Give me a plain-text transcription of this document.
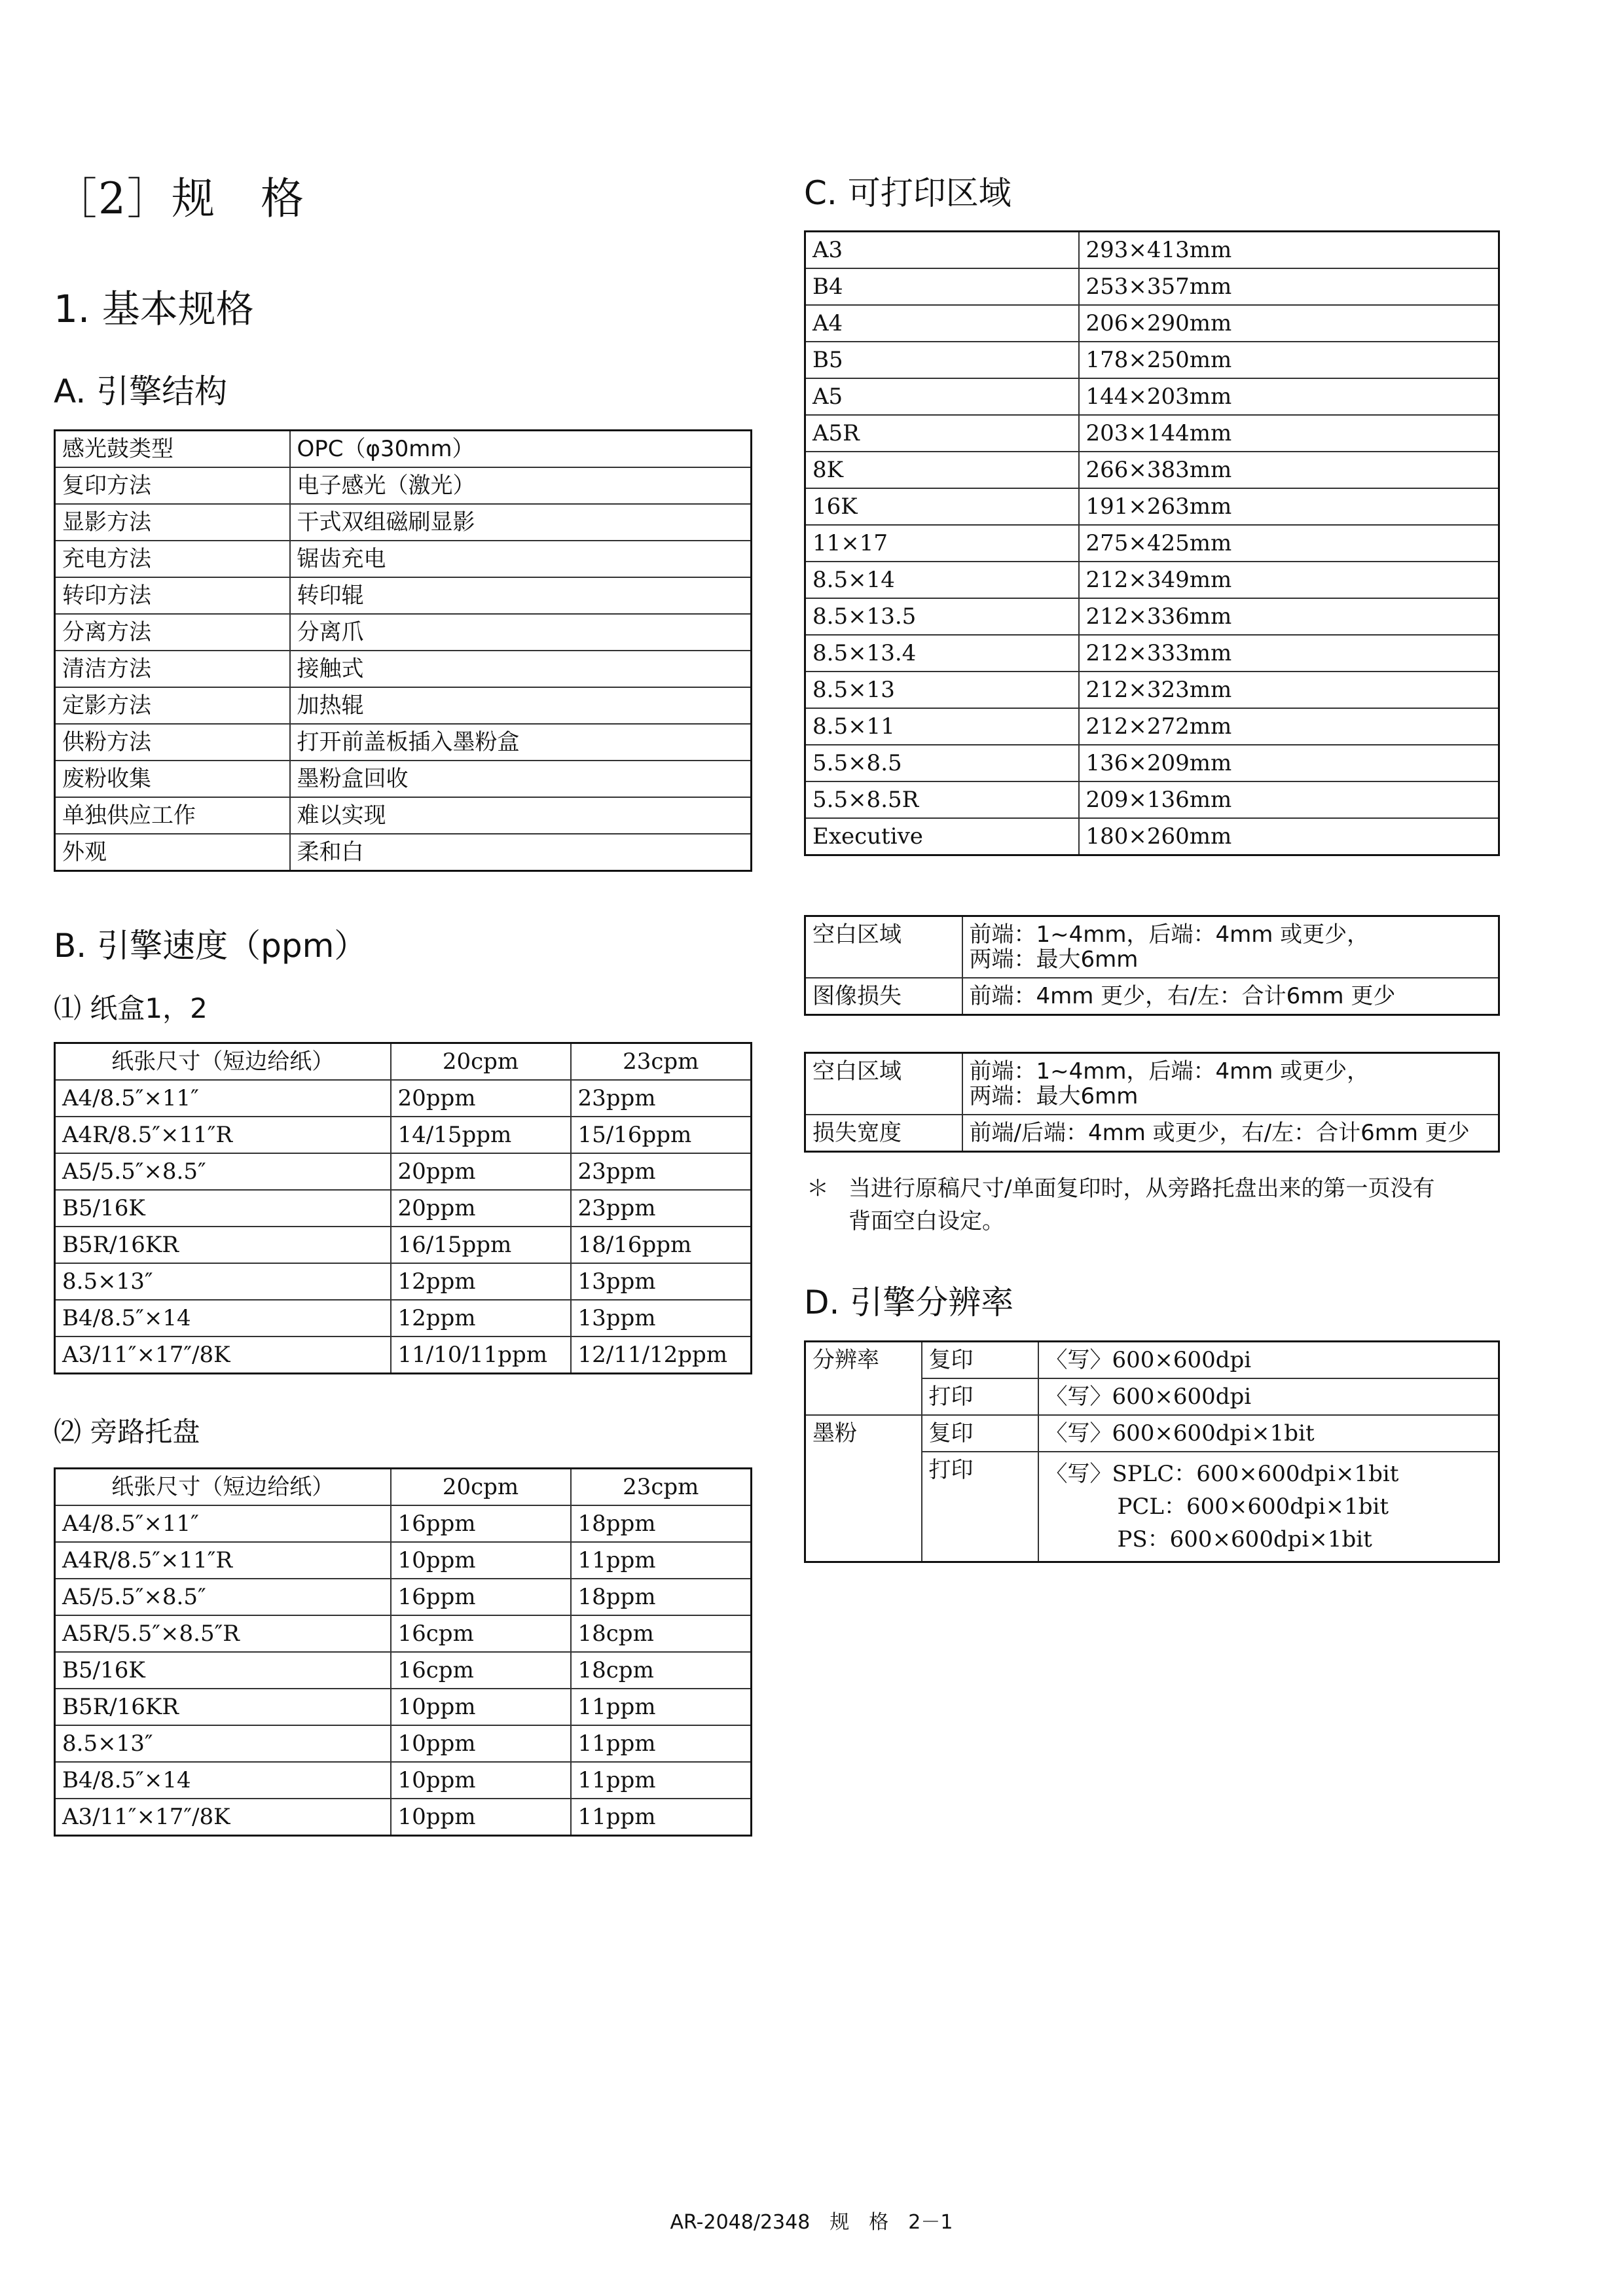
［2］规　格
1. 基本规格
A. 引擎结构
感光鼓类型	OPC（φ30mm）
复印方法	电子感光（激光）
显影方法	干式双组磁刷显影
充电方法	锯齿充电
转印方法	转印辊
分离方法	分离爪
清洁方法	接触式
定影方法	加热辊
供粉方法	打开前盖板插入墨粉盒
废粉收集	墨粉盒回收
单独供应工作	难以实现
外观	柔和白
B. 引擎速度（ppm）
⑴ 纸盒1，2
纸张尺寸（短边给纸）	20cpm	23cpm
A4/8.5″×11″	20ppm	23ppm
A4R/8.5″×11″R	14/15ppm	15/16ppm
A5/5.5″×8.5″	20ppm	23ppm
B5/16K	20ppm	23ppm
B5R/16KR	16/15ppm	18/16ppm
8.5×13″	12ppm	13ppm
B4/8.5″×14	12ppm	13ppm
A3/11″×17″/8K	11/10/11ppm	12/11/12ppm
⑵ 旁路托盘
纸张尺寸（短边给纸）	20cpm	23cpm
A4/8.5″×11″	16ppm	18ppm
A4R/8.5″×11″R	10ppm	11ppm
A5/5.5″×8.5″	16ppm	18ppm
A5R/5.5″×8.5″R	16cpm	18cpm
B5/16K	16cpm	18cpm
B5R/16KR	10ppm	11ppm
8.5×13″	10ppm	11ppm
B4/8.5″×14	10ppm	11ppm
A3/11″×17″/8K	10ppm	11ppm
C. 可打印区域
A3	293×413mm
B4	253×357mm
A4	206×290mm
B5	178×250mm
A5	144×203mm
A5R	203×144mm
8K	266×383mm
16K	191×263mm
11×17	275×425mm
8.5×14	212×349mm
8.5×13.5	212×336mm
8.5×13.4	212×333mm
8.5×13	212×323mm
8.5×11	212×272mm
5.5×8.5	136×209mm
5.5×8.5R	209×136mm
Executive	180×260mm
空白区域	前端：1~4mm，后端：4mm 或更少，
两端：最大6mm

图像损失	前端：4mm 更少，右/左：合计6mm 更少
空白区域	前端：1~4mm，后端：4mm 或更少，
两端：最大6mm

损失宽度	前端/后端：4mm 或更少，右/左：合计6mm 更少
＊ 当进行原稿尺寸/单面复印时，从旁路托盘出来的第一页没有
背面空白设定。
D. 引擎分辨率
分辨率	复印	〈写〉600×600dpi
	打印	〈写〉600×600dpi
墨粉	复印	〈写〉600×600dpi×1bit
	打印	〈写〉SPLC：600×600dpi×1bit
PCL：600×600dpi×1bit
PS：600×600dpi×1bit
AR-2048/2348　规　格　2－1
